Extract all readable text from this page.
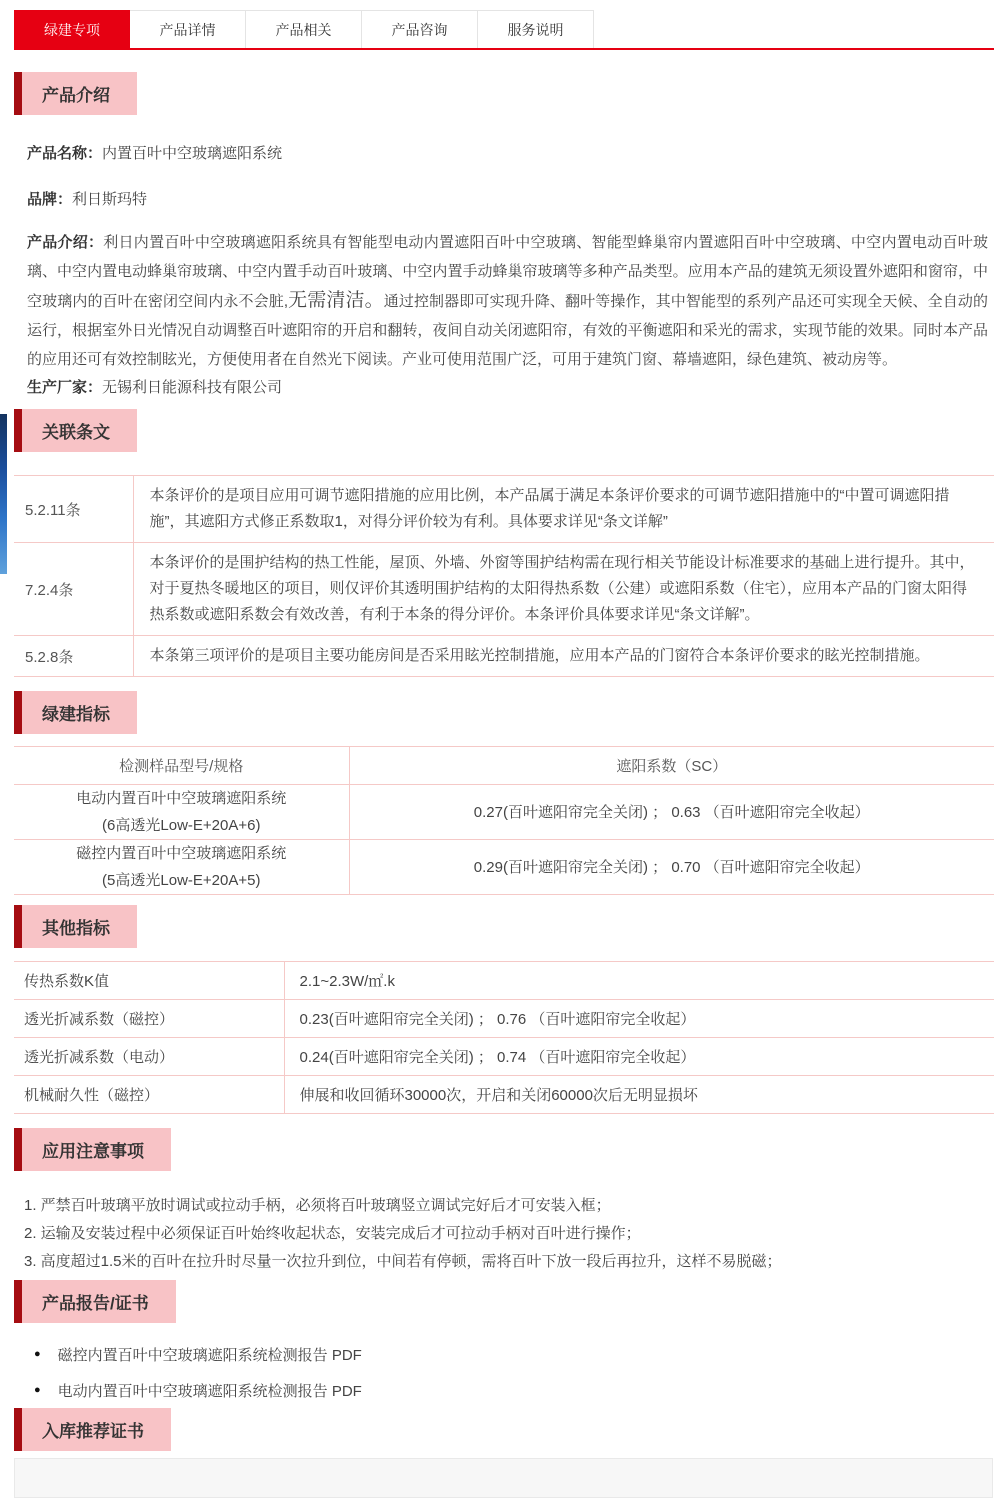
绿建专项	产品详情	产品相关	产品咨询	服务说明
产品介绍
产品名称：内置百叶中空玻璃遮阳系统
品牌：利日斯玛特
产品介绍：利日内置百叶中空玻璃遮阳系统具有智能型电动内置遮阳百叶中空玻璃、智能型蜂巢帘内置遮阳百叶中空玻璃、中空内置电动百叶玻璃、中空内置电动蜂巢帘玻璃、中空内置手动百叶玻璃、中空内置手动蜂巢帘玻璃等多种产品类型。应用本产品的建筑无须设置外遮阳和窗帘，中空玻璃内的百叶在密闭空间内永不会脏,无需清洁。通过控制器即可实现升降、翻叶等操作，其中智能型的系列产品还可实现全天候、全自动的运行，根据室外日光情况自动调整百叶遮阳帘的开启和翻转，夜间自动关闭遮阳帘，有效的平衡遮阳和采光的需求，实现节能的效果。同时本产品的应用还可有效控制眩光，方便使用者在自然光下阅读。产业可使用范围广泛，可用于建筑门窗、幕墙遮阳，绿色建筑、被动房等。
生产厂家：无锡利日能源科技有限公司
关联条文
5.2.11条	本条评价的是项目应用可调节遮阳措施的应用比例，本产品属于满足本条评价要求的可调节遮阳措施中的“中置可调遮阳措施”，其遮阳方式修正系数取1，对得分评价较为有利。具体要求详见“条文详解”
7.2.4条	本条评价的是围护结构的热工性能，屋顶、外墙、外窗等围护结构需在现行相关节能设计标准要求的基础上进行提升。其中，对于夏热冬暖地区的项目，则仅评价其透明围护结构的太阳得热系数（公建）或遮阳系数（住宅），应用本产品的门窗太阳得热系数或遮阳系数会有效改善，有利于本条的得分评价。本条评价具体要求详见“条文详解”。
5.2.8条	本条第三项评价的是项目主要功能房间是否采用眩光控制措施，应用本产品的门窗符合本条评价要求的眩光控制措施。
绿建指标
检测样品型号/规格	遮阳系数（SC）

电动内置百叶中空玻璃遮阳系统
(6高透光Low-E+20A+6)	0.27(百叶遮阳帘完全关闭) ； 0.63 （百叶遮阳帘完全收起）

磁控内置百叶中空玻璃遮阳系统
(5高透光Low-E+20A+5)	0.29(百叶遮阳帘完全关闭) ； 0.70 （百叶遮阳帘完全收起）
其他指标
传热系数K值	2.1~2.3W/㎡.k
透光折减系数（磁控）	0.23(百叶遮阳帘完全关闭) ； 0.76 （百叶遮阳帘完全收起）
透光折减系数（电动）	0.24(百叶遮阳帘完全关闭) ； 0.74 （百叶遮阳帘完全收起）
机械耐久性（磁控）	伸展和收回循环30000次，开启和关闭60000次后无明显损坏
应用注意事项
1. 严禁百叶玻璃平放时调试或拉动手柄，必须将百叶玻璃竖立调试完好后才可安装入框；
2. 运输及安装过程中必须保证百叶始终收起状态，安装完成后才可拉动手柄对百叶进行操作；
3. 高度超过1.5米的百叶在拉升时尽量一次拉升到位，中间若有停顿，需将百叶下放一段后再拉升，这样不易脱磁；
产品报告/证书
● 磁控内置百叶中空玻璃遮阳系统检测报告 PDF
● 电动内置百叶中空玻璃遮阳系统检测报告 PDF
入库推荐证书
